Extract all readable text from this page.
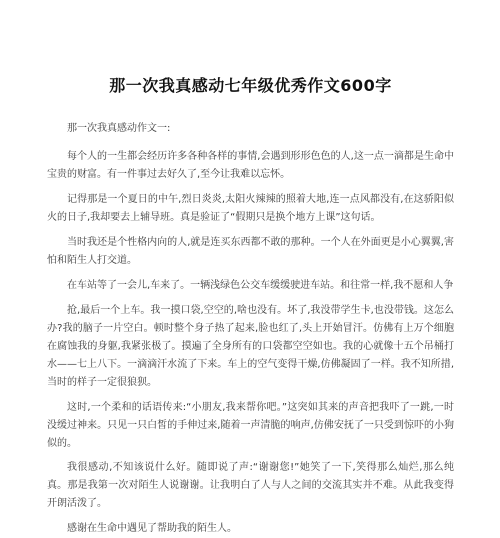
那一次我真感动七年级优秀作文600字

那一次我真感动作文一:

每个人的一生都会经历许多各种各样的事情,会遇到形形色色的人,这一点一滴都是生命中宝贵的财富。有一件事过去好久了,至今让我难以忘怀。

记得那是一个夏日的中午,烈日炎炎,太阳火辣辣的照着大地,连一点风都没有,在这骄阳似火的日子,我却要去上辅导班。真是验证了“假期只是换个地方上课”这句话。

当时我还是个性格内向的人,就是连买东西都不敢的那种。一个人在外面更是小心翼翼,害怕和陌生人打交道。

在车站等了一会儿,车来了。一辆浅绿色公交车缓缓驶进车站。和往常一样,我不愿和人争

抢,最后一个上车。我一摸口袋,空空的,啥也没有。坏了,我没带学生卡,也没带钱。这怎么办?我的脑子一片空白。顿时整个身子热了起来,脸也红了,头上开始冒汗。仿佛有上万个细胞在腐蚀我的身躯,我紧张极了。摸遍了全身所有的口袋都空空如也。我的心就像十五个吊桶打水——七上八下。一滴滴汗水流了下来。车上的空气变得干燥,仿佛凝固了一样。我不知所措,当时的样子一定很狼狈。

这时,一个柔和的话语传来:“小朋友,我来帮你吧。”这突如其来的声音把我吓了一跳,一时没缓过神来。只见一只白皙的手伸过来,随着一声清脆的响声,仿佛安抚了一只受到惊吓的小狗似的。

我很感动,不知该说什么好。随即说了声:“谢谢您!”她笑了一下,笑得那么灿烂,那么纯真。那是我第一次对陌生人说谢谢。让我明白了人与人之间的交流其实并不难。从此我变得开朗活泼了。

感谢在生命中遇见了帮助我的陌生人。
